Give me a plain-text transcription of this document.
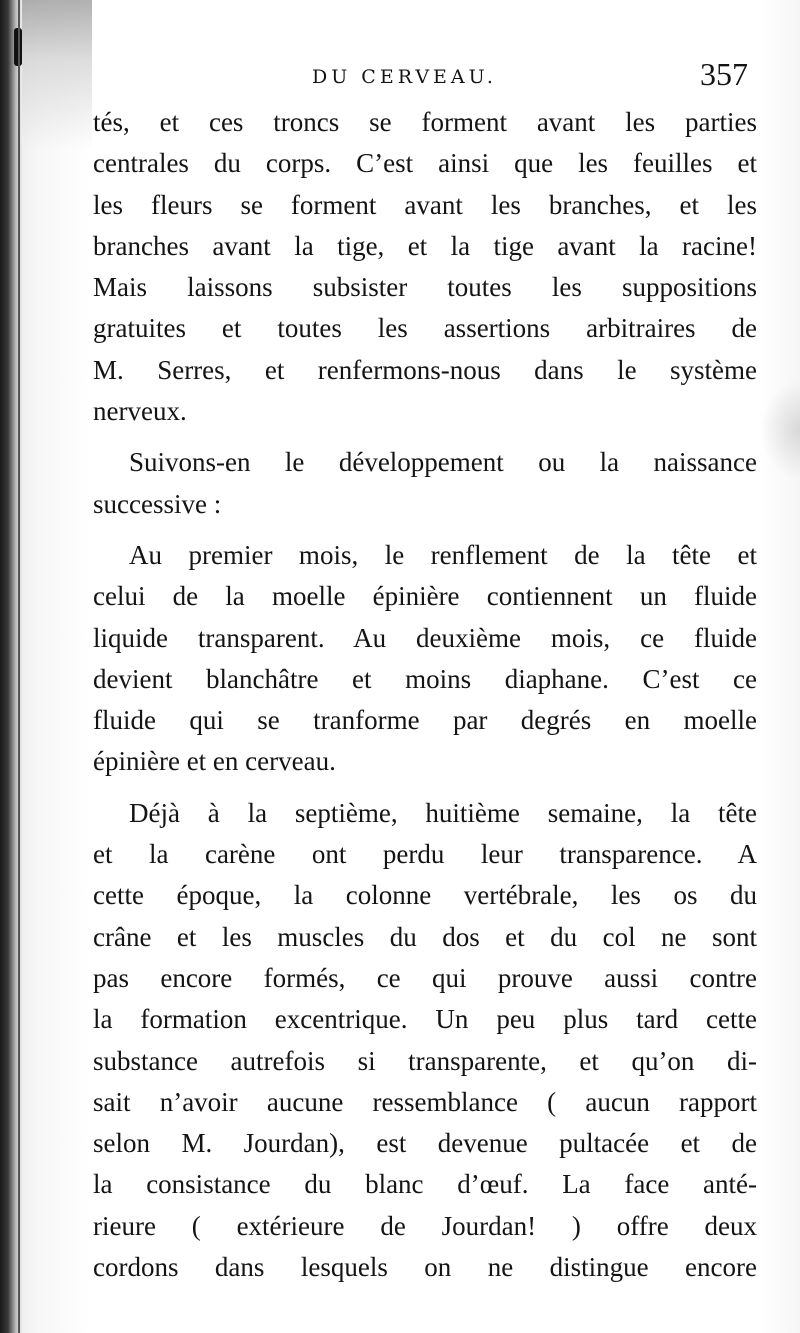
DU CERVEAU.	357
tés, et ces troncs se forment avant les parties
centrales du corps. C’est ainsi que les feuilles et
les fleurs se forment avant les branches, et les
branches avant la tige, et la tige avant la racine!
Mais laissons subsister toutes les suppositions
gratuites et toutes les assertions arbitraires de
M. Serres, et renfermons-nous dans le système
nerveux.
Suivons-en le développement ou la naissance
successive :
Au premier mois, le renflement de la tête et
celui de la moelle épinière contiennent un fluide
liquide transparent. Au deuxième mois, ce fluide
devient blanchâtre et moins diaphane. C’est ce
fluide qui se tranforme par degrés en moelle
épinière et en cerveau.
Déjà à la septième, huitième semaine, la tête
et la carène ont perdu leur transparence. A
cette époque, la colonne vertébrale, les os du
crâne et les muscles du dos et du col ne sont
pas encore formés, ce qui prouve aussi contre
la formation excentrique. Un peu plus tard cette
substance autrefois si transparente, et qu’on di-
sait n’avoir aucune ressemblance ( aucun rapport
selon M. Jourdan), est devenue pultacée et de
la consistance du blanc d’œuf. La face anté-
rieure ( extérieure de Jourdan! ) offre deux
cordons dans lesquels on ne distingue encore
